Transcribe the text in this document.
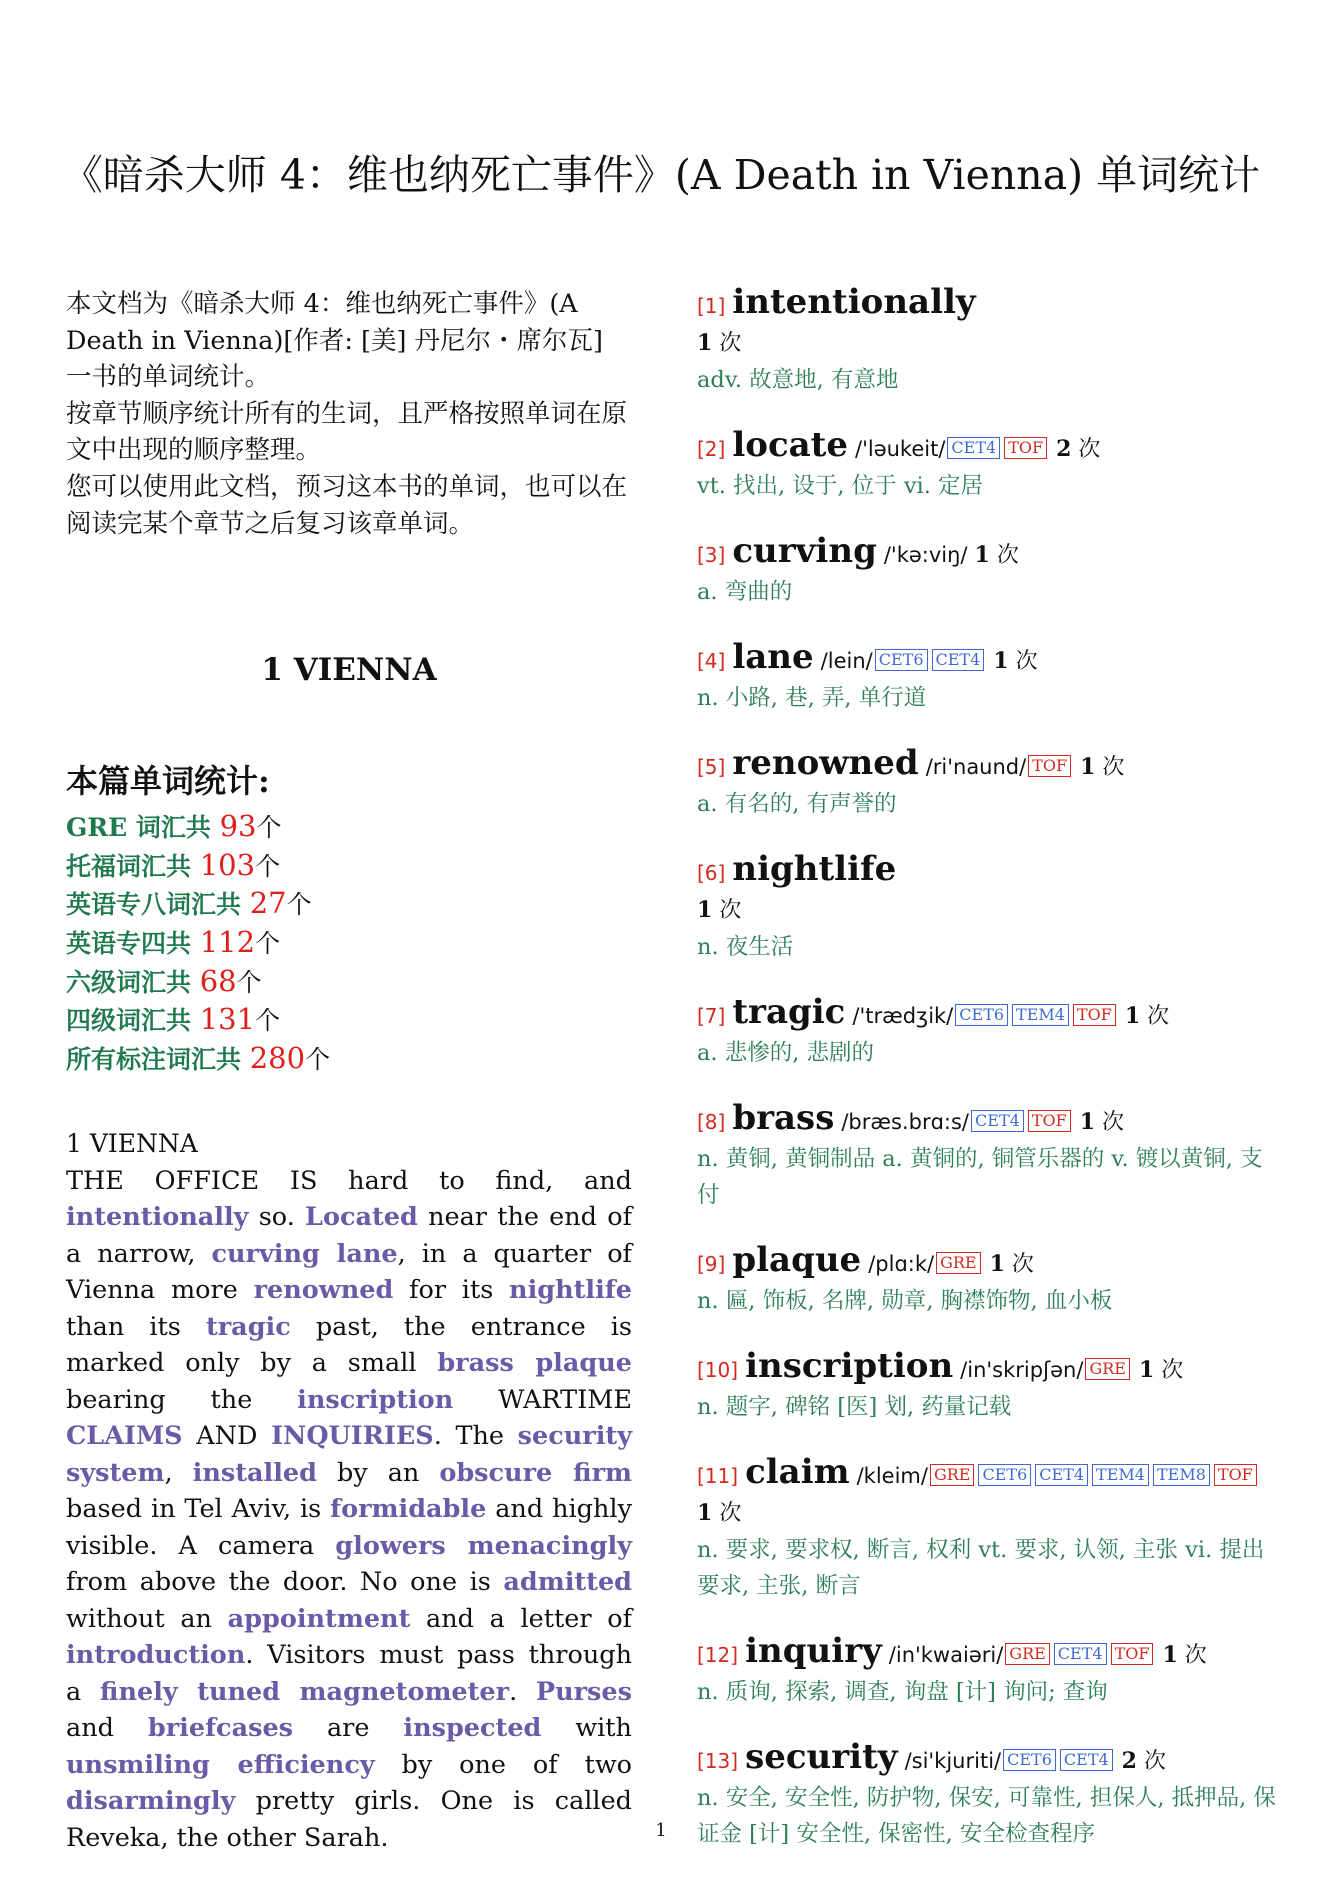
《暗杀大师 4：维也纳死亡事件》(A Death in Vienna) 单词统计

本文档为《暗杀大师 4：维也纳死亡事件》(A Death in Vienna)[作者: [美] 丹尼尔・席尔瓦] 一书的单词统计。

按章节顺序统计所有的生词，且严格按照单词在原文中出现的顺序整理。

您可以使用此文档，预习这本书的单词，也可以在阅读完某个章节之后复习该章单词。

1 VIENNA
本篇单词统计:
GRE 词汇共 93个
托福词汇共 103个
英语专八词汇共 27个
英语专四共 112个
六级词汇共 68个
四级词汇共 131个
所有标注词汇共 280个
1 VIENNA

THE OFFICE IS hard to find, and intentionally so. Located near the end of a narrow, curving lane, in a quarter of Vienna more renowned for its nightlife than its tragic past, the entrance is marked only by a small brass plaque bearing the inscription WARTIME CLAIMS AND INQUIRIES. The security system, installed by an obscure firm based in Tel Aviv, is formidable and highly visible. A camera glowers menacingly from above the door. No one is admitted without an appointment and a letter of introduction. Visitors must pass through a finely tuned magnetometer. Purses and briefcases are inspected with unsmiling efficiency by one of two disarmingly pretty girls. One is called Reveka, the other Sarah.

[1] intentionally
1 次
adv. 故意地, 有意地
[2] locate /'ləukeit/ CET4 TOF 2 次
vt. 找出, 设于, 位于 vi. 定居
[3] curving /'kə:viŋ/ 1 次
a. 弯曲的
[4] lane /lein/ CET6 CET4 1 次
n. 小路, 巷, 弄, 单行道
[5] renowned /ri'naund/ TOF 1 次
a. 有名的, 有声誉的
[6] nightlife
1 次
n. 夜生活
[7] tragic /'trædʒik/ CET6 TEM4 TOF 1 次
a. 悲惨的, 悲剧的
[8] brass /bræs.brɑ:s/ CET4 TOF 1 次
n. 黄铜, 黄铜制品 a. 黄铜的, 铜管乐器的 v. 镀以黄铜, 支付
[9] plaque /plɑ:k/ GRE 1 次
n. 匾, 饰板, 名牌, 勋章, 胸襟饰物, 血小板
[10] inscription /in'skripʃən/ GRE 1 次
n. 题字, 碑铭 [医] 划, 药量记载
[11] claim /kleim/ GRE CET6 CET4 TEM4 TEM8 TOF 1 次
n. 要求, 要求权, 断言, 权利 vt. 要求, 认领, 主张 vi. 提出要求, 主张, 断言
[12] inquiry /in'kwaiəri/ GRE CET4 TOF 1 次
n. 质询, 探索, 调查, 询盘 [计] 询问; 查询
[13] security /si'kjuriti/ CET6 CET4 2 次
n. 安全, 安全性, 防护物, 保安, 可靠性, 担保人, 抵押品, 保证金 [计] 安全性, 保密性, 安全检查程序
1
